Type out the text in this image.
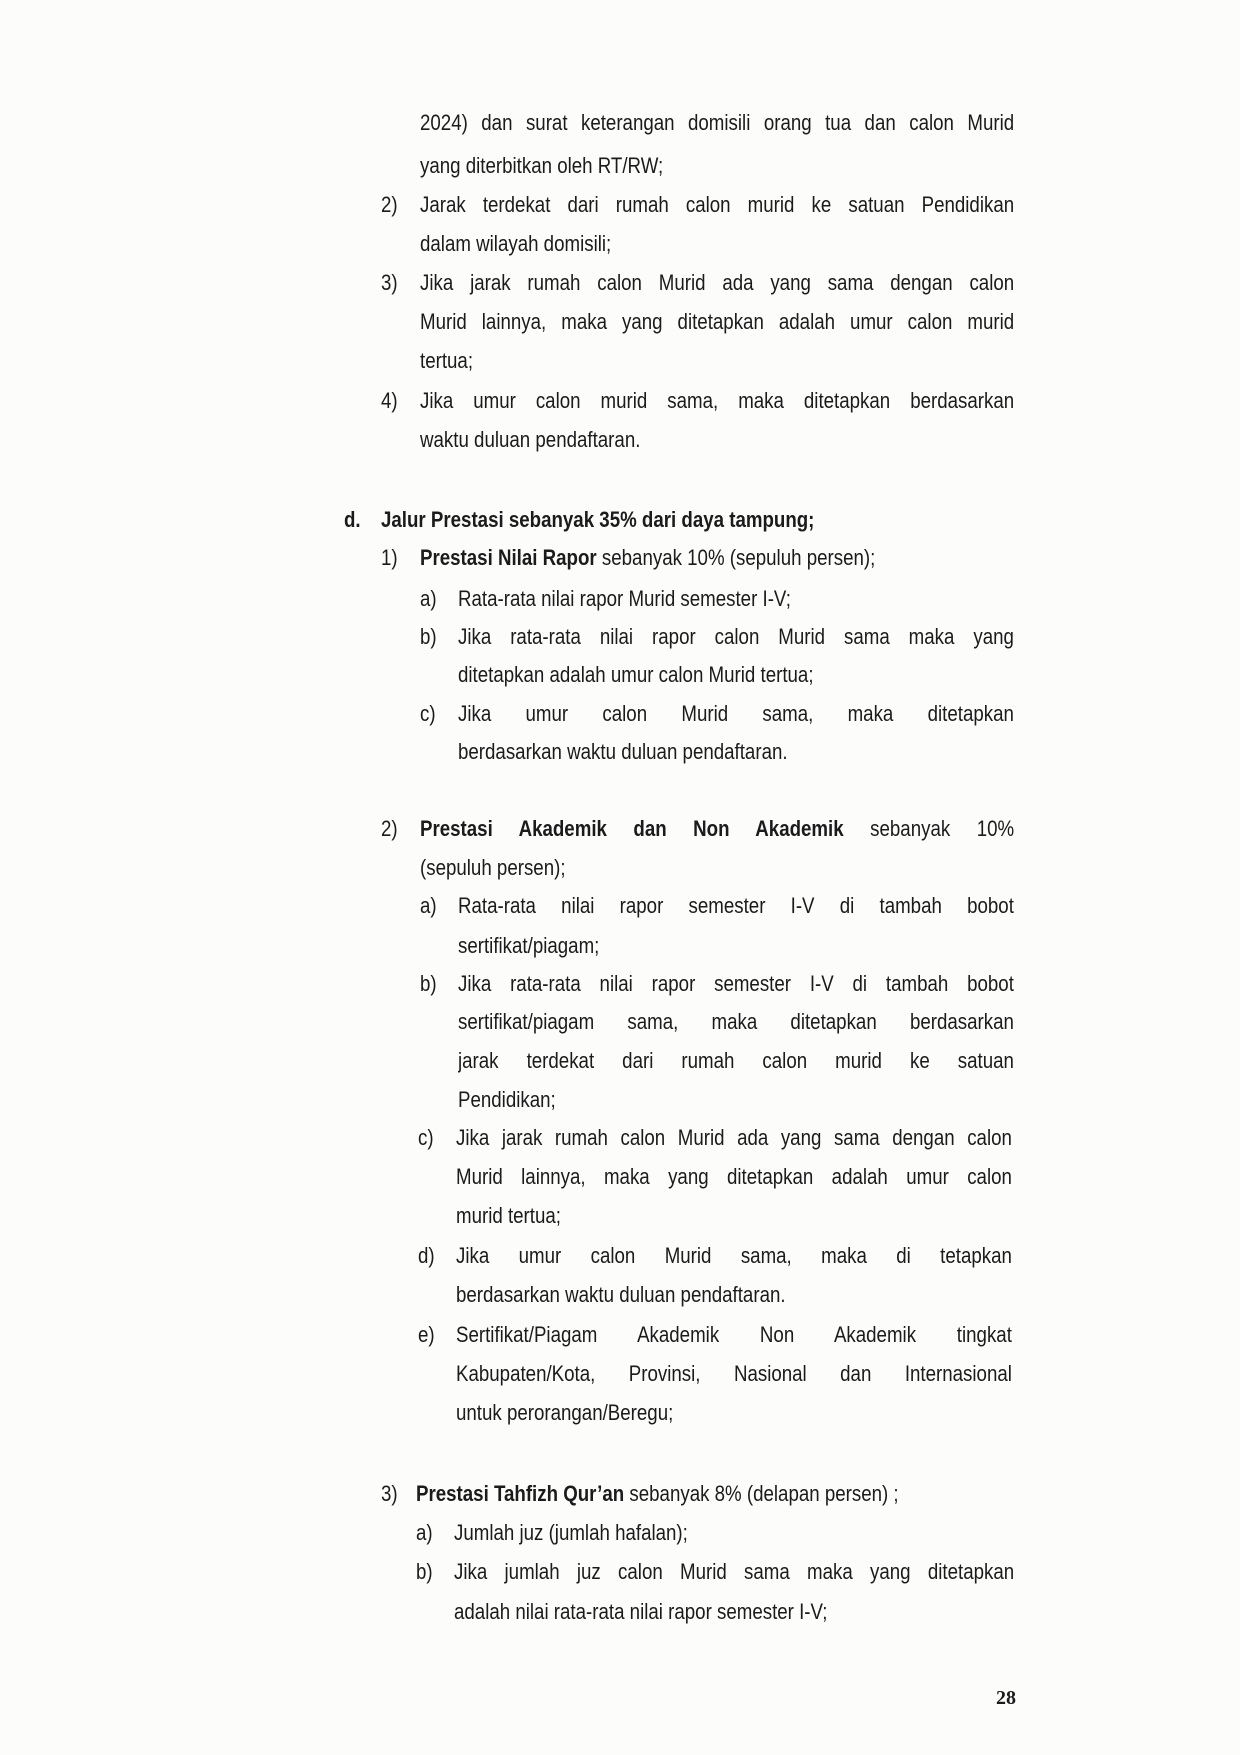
2024) dan surat keterangan domisili orang tua dan calon Murid
yang diterbitkan oleh RT/RW;
2) Jarak terdekat dari rumah calon murid ke satuan Pendidikan
dalam wilayah domisili;
3) Jika jarak rumah calon Murid ada yang sama dengan calon
Murid lainnya, maka yang ditetapkan adalah umur calon murid
tertua;
4) Jika umur calon murid sama, maka ditetapkan berdasarkan
waktu duluan pendaftaran.
d. Jalur Prestasi sebanyak 35% dari daya tampung;
1) Prestasi Nilai Rapor sebanyak 10% (sepuluh persen);
a) Rata-rata nilai rapor Murid semester I-V;
b) Jika rata-rata nilai rapor calon Murid sama maka yang
ditetapkan adalah umur calon Murid tertua;
c) Jika umur calon Murid sama, maka ditetapkan
berdasarkan waktu duluan pendaftaran.
2) Prestasi Akademik dan Non Akademik sebanyak 10%
(sepuluh persen);
a) Rata-rata nilai rapor semester I-V di tambah bobot
sertifikat/piagam;
b) Jika rata-rata nilai rapor semester I-V di tambah bobot
sertifikat/piagam sama, maka ditetapkan berdasarkan
jarak terdekat dari rumah calon murid ke satuan
Pendidikan;
c) Jika jarak rumah calon Murid ada yang sama dengan calon
Murid lainnya, maka yang ditetapkan adalah umur calon
murid tertua;
d) Jika umur calon Murid sama, maka di tetapkan
berdasarkan waktu duluan pendaftaran.
e) Sertifikat/Piagam Akademik Non Akademik tingkat
Kabupaten/Kota, Provinsi, Nasional dan Internasional
untuk perorangan/Beregu;
3) Prestasi Tahfizh Qur’an sebanyak 8% (delapan persen) ;
a) Jumlah juz (jumlah hafalan);
b) Jika jumlah juz calon Murid sama maka yang ditetapkan
adalah nilai rata-rata nilai rapor semester I-V;
28
